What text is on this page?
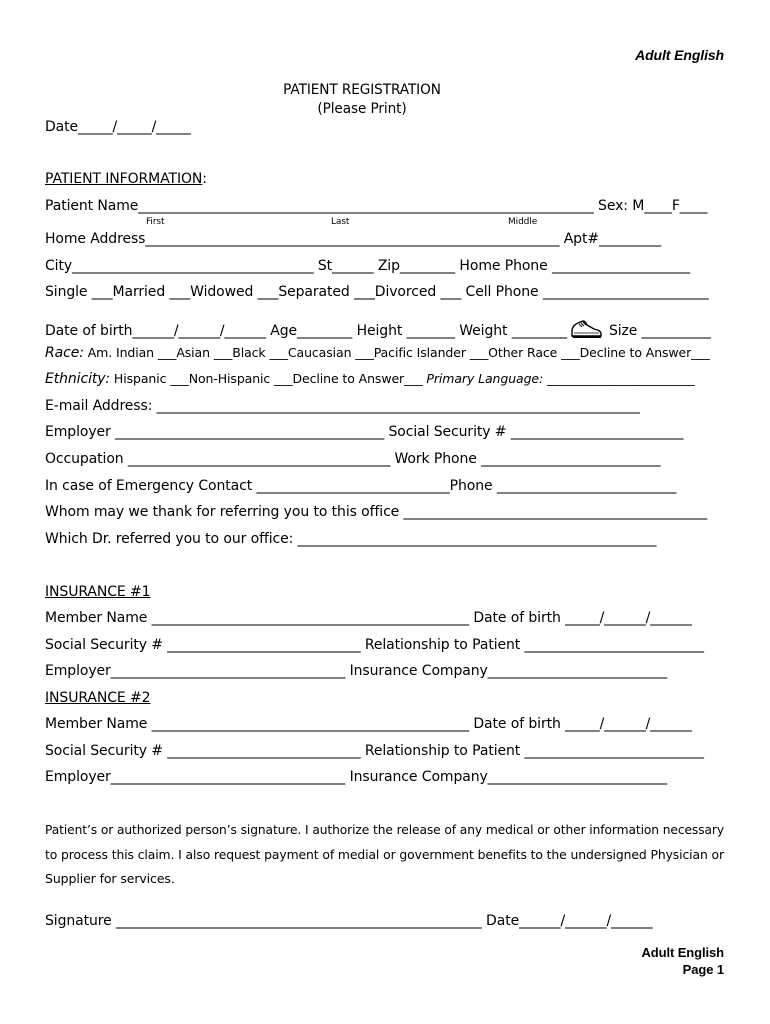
Adult English
PATIENT REGISTRATION
(Please Print)
Date_____/_____/_____
PATIENT INFORMATION:
Patient Name__________________________________________________________________ Sex: M____F____
First	Last	Middle
Home Address____________________________________________________________ Apt#_________
City___________________________________ St______ Zip________ Home Phone ____________________
Single ___Married ___Widowed ___Separated ___Divorced ___ Cell Phone ________________________
Date of birth______/______/______ Age________ Height _______ Weight ________	Size __________
Race: Am. Indian ___Asian ___Black ___Caucasian ___Pacific Islander ___Other Race ___Decline to Answer___
Ethnicity: Hispanic ___Non-Hispanic ___Decline to Answer___ Primary Language: ________________________
E-mail Address: ______________________________________________________________________
Employer _______________________________________ Social Security # _________________________
Occupation ______________________________________ Work Phone __________________________
In case of Emergency Contact ____________________________Phone __________________________
Whom may we thank for referring you to this office ____________________________________________
Which Dr. referred you to our office: ____________________________________________________
INSURANCE #1
Member Name ______________________________________________ Date of birth _____/______/______
Social Security # ____________________________ Relationship to Patient __________________________
Employer__________________________________ Insurance Company__________________________
INSURANCE #2
Member Name ______________________________________________ Date of birth _____/______/______
Social Security # ____________________________ Relationship to Patient __________________________
Employer__________________________________ Insurance Company__________________________
Patient’s or authorized person’s signature. I authorize the release of any medical or other information necessary
to process this claim. I also request payment of medial or government benefits to the undersigned Physician or
Supplier for services.
Signature _____________________________________________________ Date______/______/______
Adult English
Page 1
